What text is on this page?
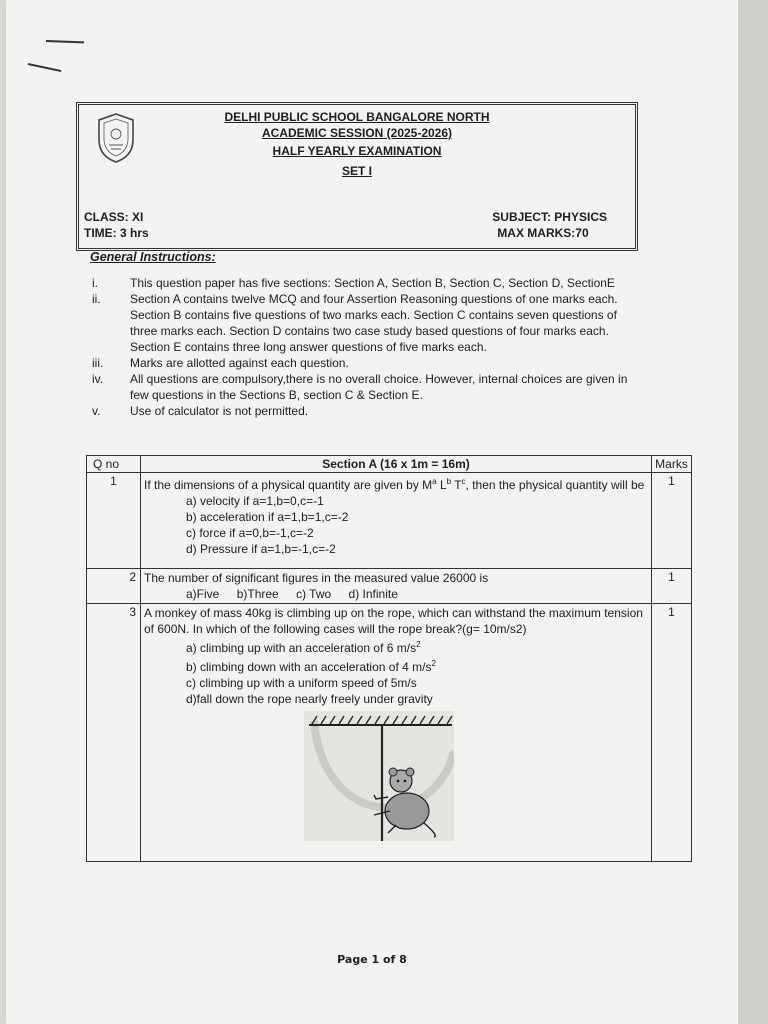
DELHI PUBLIC SCHOOL BANGALORE NORTH
ACADEMIC SESSION (2025-2026)
HALF YEARLY EXAMINATION
SET I
CLASS: XI
TIME: 3 hrs
SUBJECT: PHYSICS
MAX MARKS:70
General Instructions:
i.	This question paper has five sections: Section A, Section B, Section C, Section D, SectionE
ii.	Section A contains twelve MCQ and four Assertion Reasoning questions of one marks each. Section B contains five questions of two marks each. Section C contains seven questions of three marks each. Section D contains two case study based questions of four marks each. Section E contains three long answer questions of five marks each.
iii.	Marks are allotted against each question.
iv.	All questions are compulsory,there is no overall choice. However, internal choices are given in few questions in the Sections B, section C & Section E.
v.	Use of calculator is not permitted.
Q no	Section A (16 x 1m = 16m)	Marks
1	If the dimensions of a physical quantity are given by $M^a$ $L^b$ $T^c$, then the physical quantity will be
a) velocity if a=1,b=0,c=-1
b) acceleration if a=1,b=1,c=-2
c) force if a=0,b=-1,c=-2
d) Pressure if a=1,b=-1,c=-2	1
2	The number of significant figures in the measured value 26000 is
a)Five b)Three c) Two d) Infinite	1
3	A monkey of mass 40kg is climbing up on the rope, which can withstand the maximum tension of 600N. In which of the following cases will the rope break?(g= 10m/s2)
a) climbing up with an acceleration of 6 $m/s^2$
b) climbing down with an acceleration of 4 $m/s^2$
c) climbing up with a uniform speed of 5m/s
d)fall down the rope nearly freely under gravity	1
Page 1 of 8
